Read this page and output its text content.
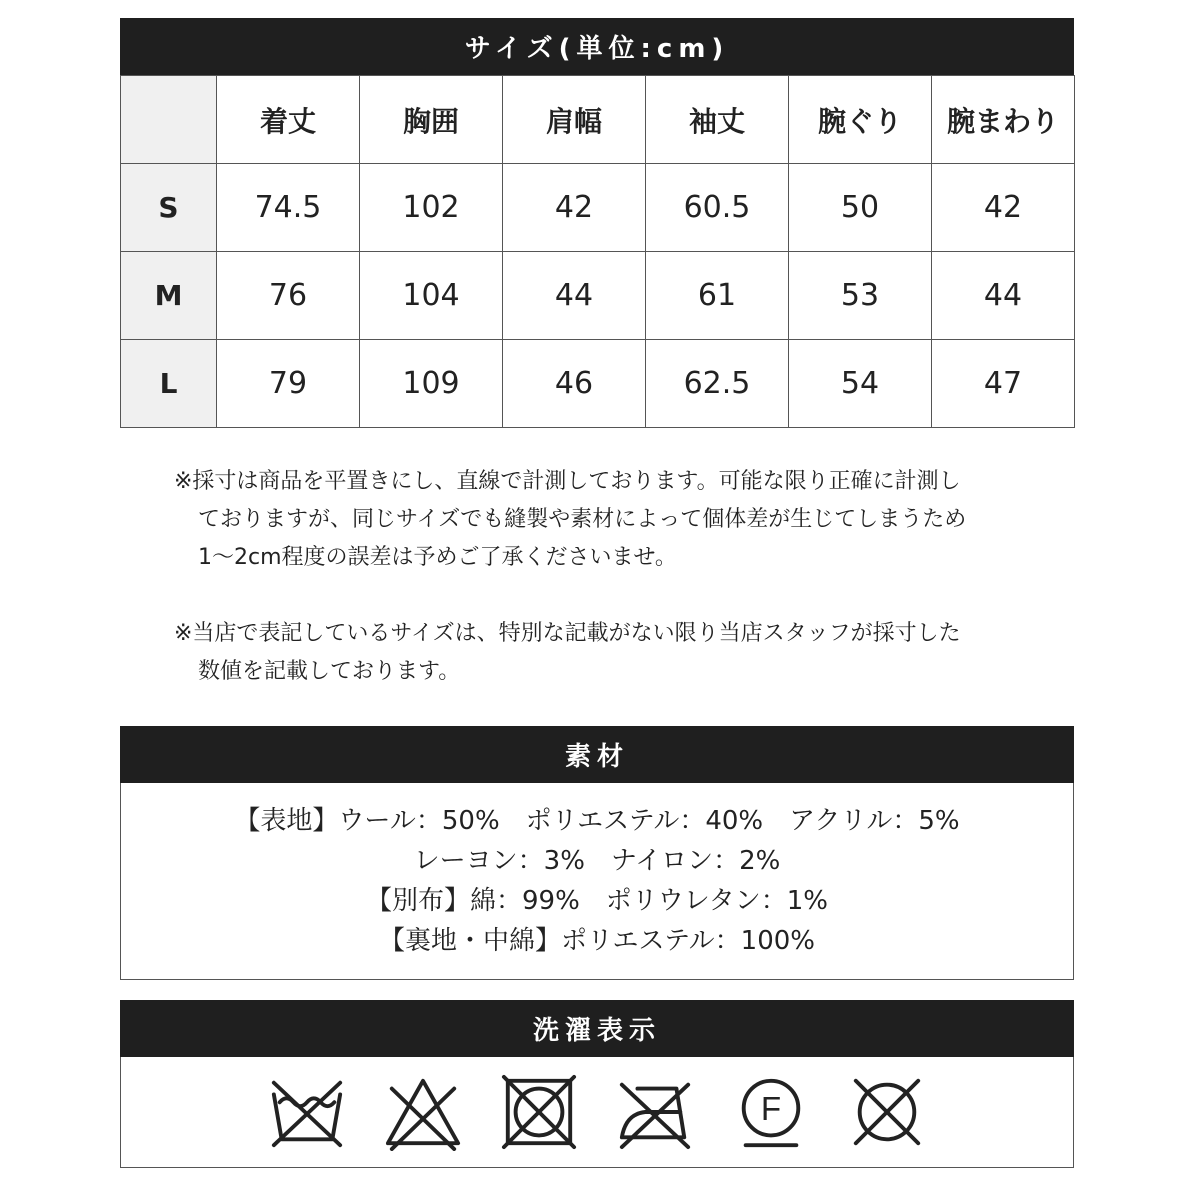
サイズ(単位:cm)
	着丈	胸囲	肩幅	袖丈	腕ぐり	腕まわり
S	74.5	102	42	60.5	50	42
M	76	104	44	61	53	44
L	79	109	46	62.5	54	47
※採寸は商品を平置きにし、直線で計測しております。可能な限り正確に計測し
ておりますが、同じサイズでも縫製や素材によって個体差が生じてしまうため
1～2cm程度の誤差は予めご了承くださいませ。
※当店で表記しているサイズは、特別な記載がない限り当店スタッフが採寸した
数値を記載しております。
素材
【表地】ウール：50%　ポリエステル：40%　アクリル：5%
レーヨン：3%　ナイロン：2%
【別布】綿：99%　ポリウレタン：1%
【裏地・中綿】ポリエステル：100%
洗濯表示
F
